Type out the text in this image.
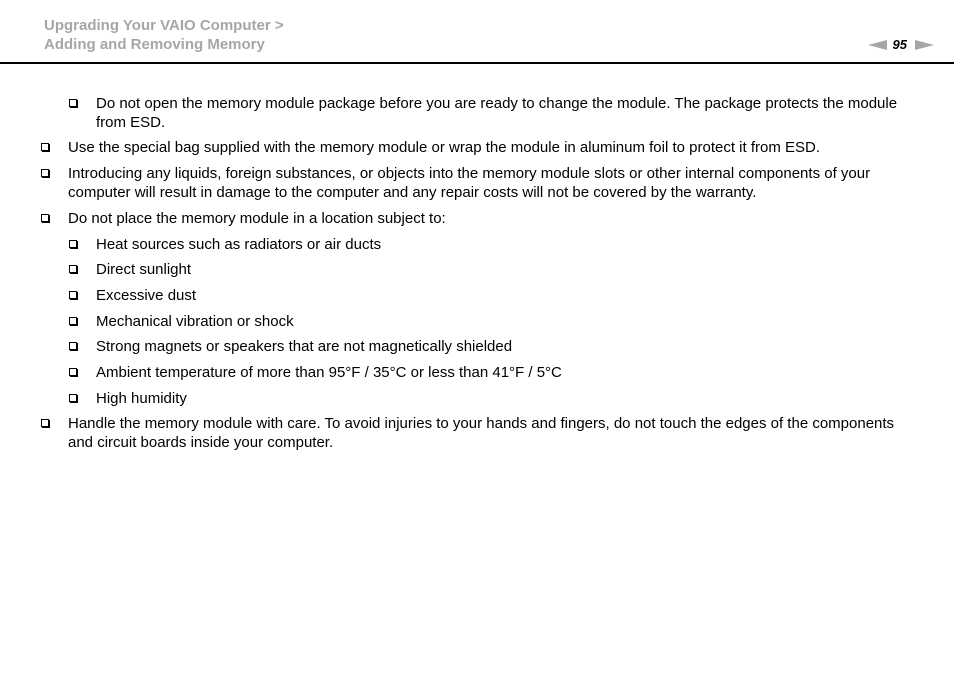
Upgrading Your VAIO Computer >
Adding and Removing Memory	95
Do not open the memory module package before you are ready to change the module. The package protects the module from ESD.
Use the special bag supplied with the memory module or wrap the module in aluminum foil to protect it from ESD.
Introducing any liquids, foreign substances, or objects into the memory module slots or other internal components of your computer will result in damage to the computer and any repair costs will not be covered by the warranty.
Do not place the memory module in a location subject to:
Heat sources such as radiators or air ducts
Direct sunlight
Excessive dust
Mechanical vibration or shock
Strong magnets or speakers that are not magnetically shielded
Ambient temperature of more than 95°F / 35°C or less than 41°F / 5°C
High humidity
Handle the memory module with care. To avoid injuries to your hands and fingers, do not touch the edges of the components and circuit boards inside your computer.
